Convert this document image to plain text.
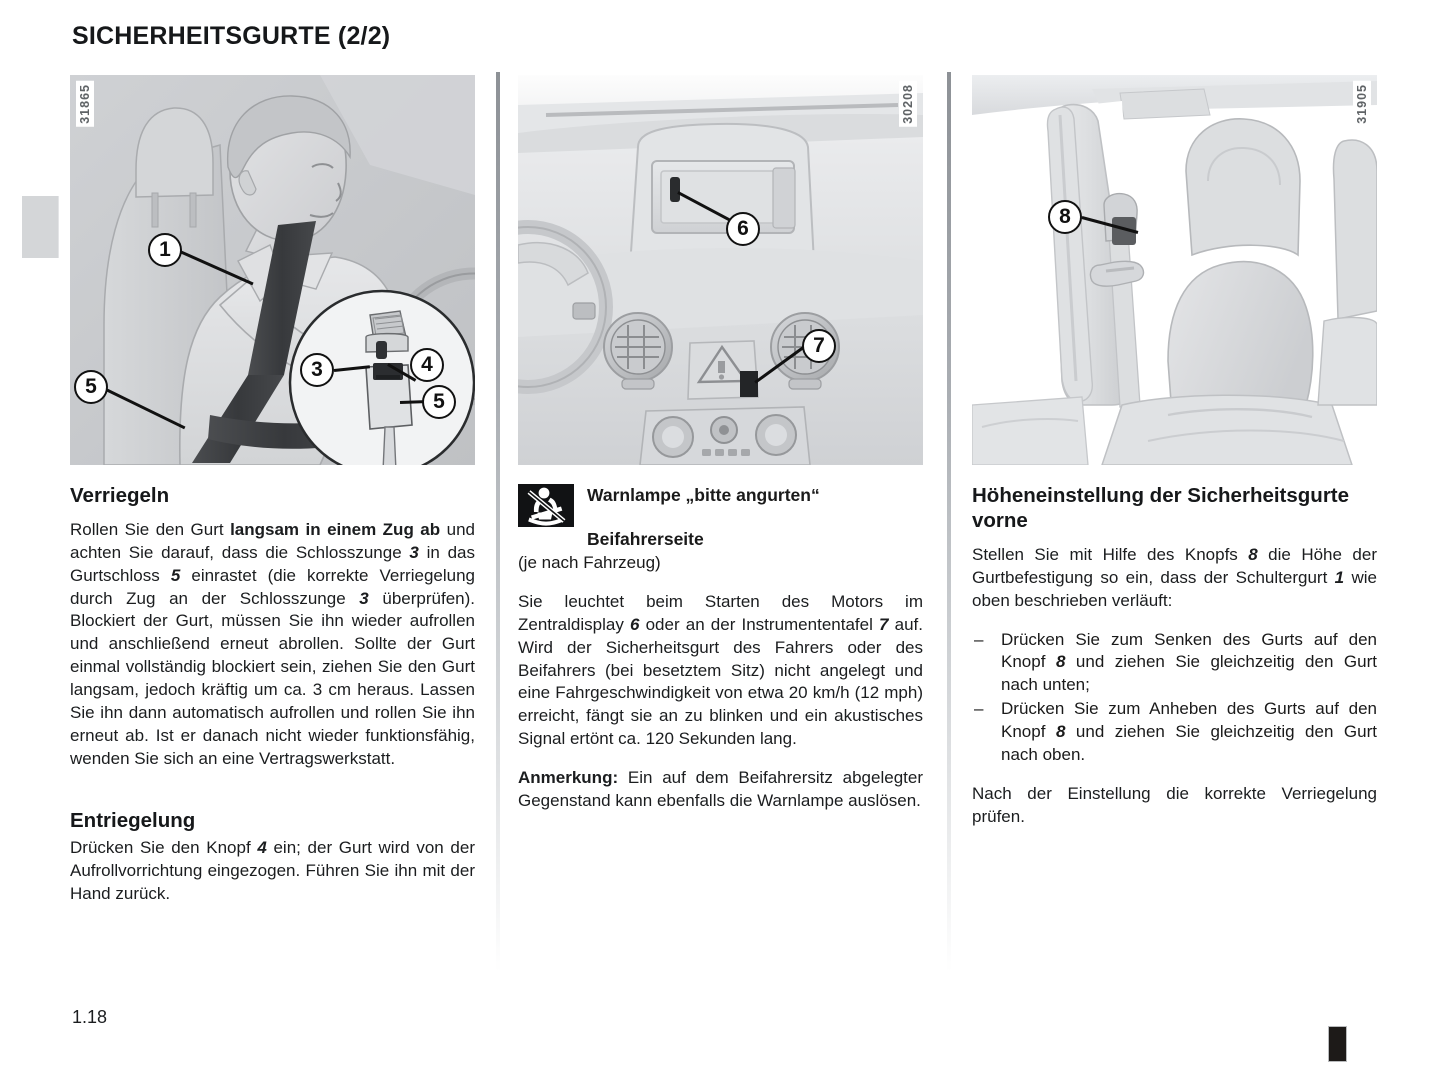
SICHERHEITSGURTE (2/2)
31865
1
5
3	4
5
Verriegeln

Rollen Sie den Gurt langsam in einem Zug ab und achten Sie darauf, dass die Schlosszunge 3 in das Gurtschloss 5 einrastet (die korrekte Verriegelung durch Zug an der Schlosszunge 3 überprüfen). Blockiert der Gurt, müssen Sie ihn wieder aufrollen und anschließend erneut abrollen. Sollte der Gurt einmal vollständig blockiert sein, ziehen Sie den Gurt langsam, jedoch kräftig um ca. 3 cm heraus. Lassen Sie ihn dann automatisch aufrollen und rollen Sie ihn erneut ab. Ist er danach nicht wieder funktionsfähig, wenden Sie sich an eine Vertragswerkstatt.

Entriegelung

Drücken Sie den Knopf 4 ein; der Gurt wird von der Aufrollvorrichtung eingezogen. Führen Sie ihn mit der Hand zurück.

30208
6
7
Warnlampe „bitte angurten“
Beifahrerseite
(je nach Fahrzeug)

Sie leuchtet beim Starten des Motors im Zentraldisplay 6 oder an der Instrumententafel 7 auf. Wird der Sicherheitsgurt des Fahrers oder des Beifahrers (bei besetztem Sitz) nicht angelegt und eine Fahrgeschwindigkeit von etwa 20 km/h (12 mph) erreicht, fängt sie an zu blinken und ein akustisches Signal ertönt ca. 120 Sekunden lang.

Anmerkung: Ein auf dem Beifahrersitz abgelegter Gegenstand kann ebenfalls die Warnlampe auslösen.

31905
8
Höheneinstellung der Sicherheitsgurte vorne

Stellen Sie mit Hilfe des Knopfs 8 die Höhe der Gurtbefestigung so ein, dass der Schultergurt 1 wie oben beschrieben verläuft:

– Drücken Sie zum Senken des Gurts auf den Knopf 8 und ziehen Sie gleichzeitig den Gurt nach unten;
– Drücken Sie zum Anheben des Gurts auf den Knopf 8 und ziehen Sie gleichzeitig den Gurt nach oben.

Nach der Einstellung die korrekte Verriegelung prüfen.

1.18
